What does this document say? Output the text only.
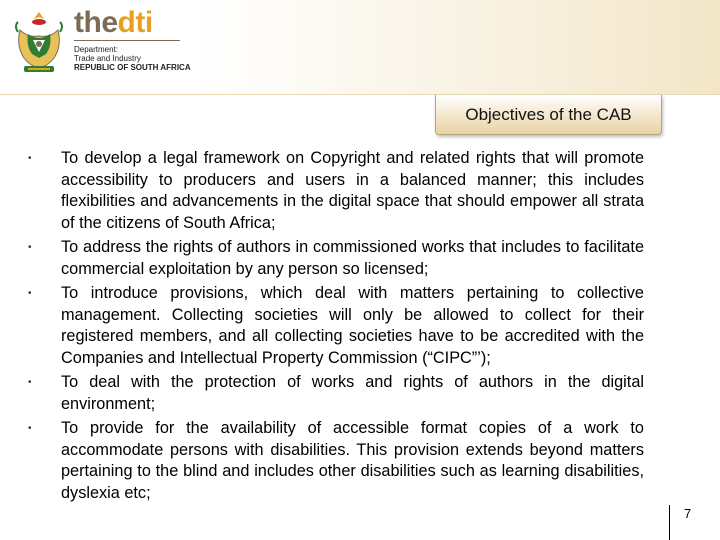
thedti
Department:
Trade and Industry
REPUBLIC OF SOUTH AFRICA
Objectives of the CAB
• To develop a legal framework on Copyright and related rights that will promote accessibility to producers and users in a balanced manner; this includes flexibilities and advancements in the digital space that should empower all strata of the citizens of South Africa;
• To address the rights of authors in commissioned works that includes to facilitate commercial exploitation by any person so licensed;
• To introduce provisions, which deal with matters pertaining to collective management. Collecting societies will only be allowed to collect for their registered members, and all collecting societies have to be accredited with the Companies and Intellectual Property Commission (“CIPC”’);
• To deal with the protection of works and rights of authors in the digital environment;
• To provide for the availability of accessible format copies of a work to accommodate persons with disabilities. This provision extends beyond matters pertaining to the blind and includes other disabilities such as learning disabilities, dyslexia etc;
7
